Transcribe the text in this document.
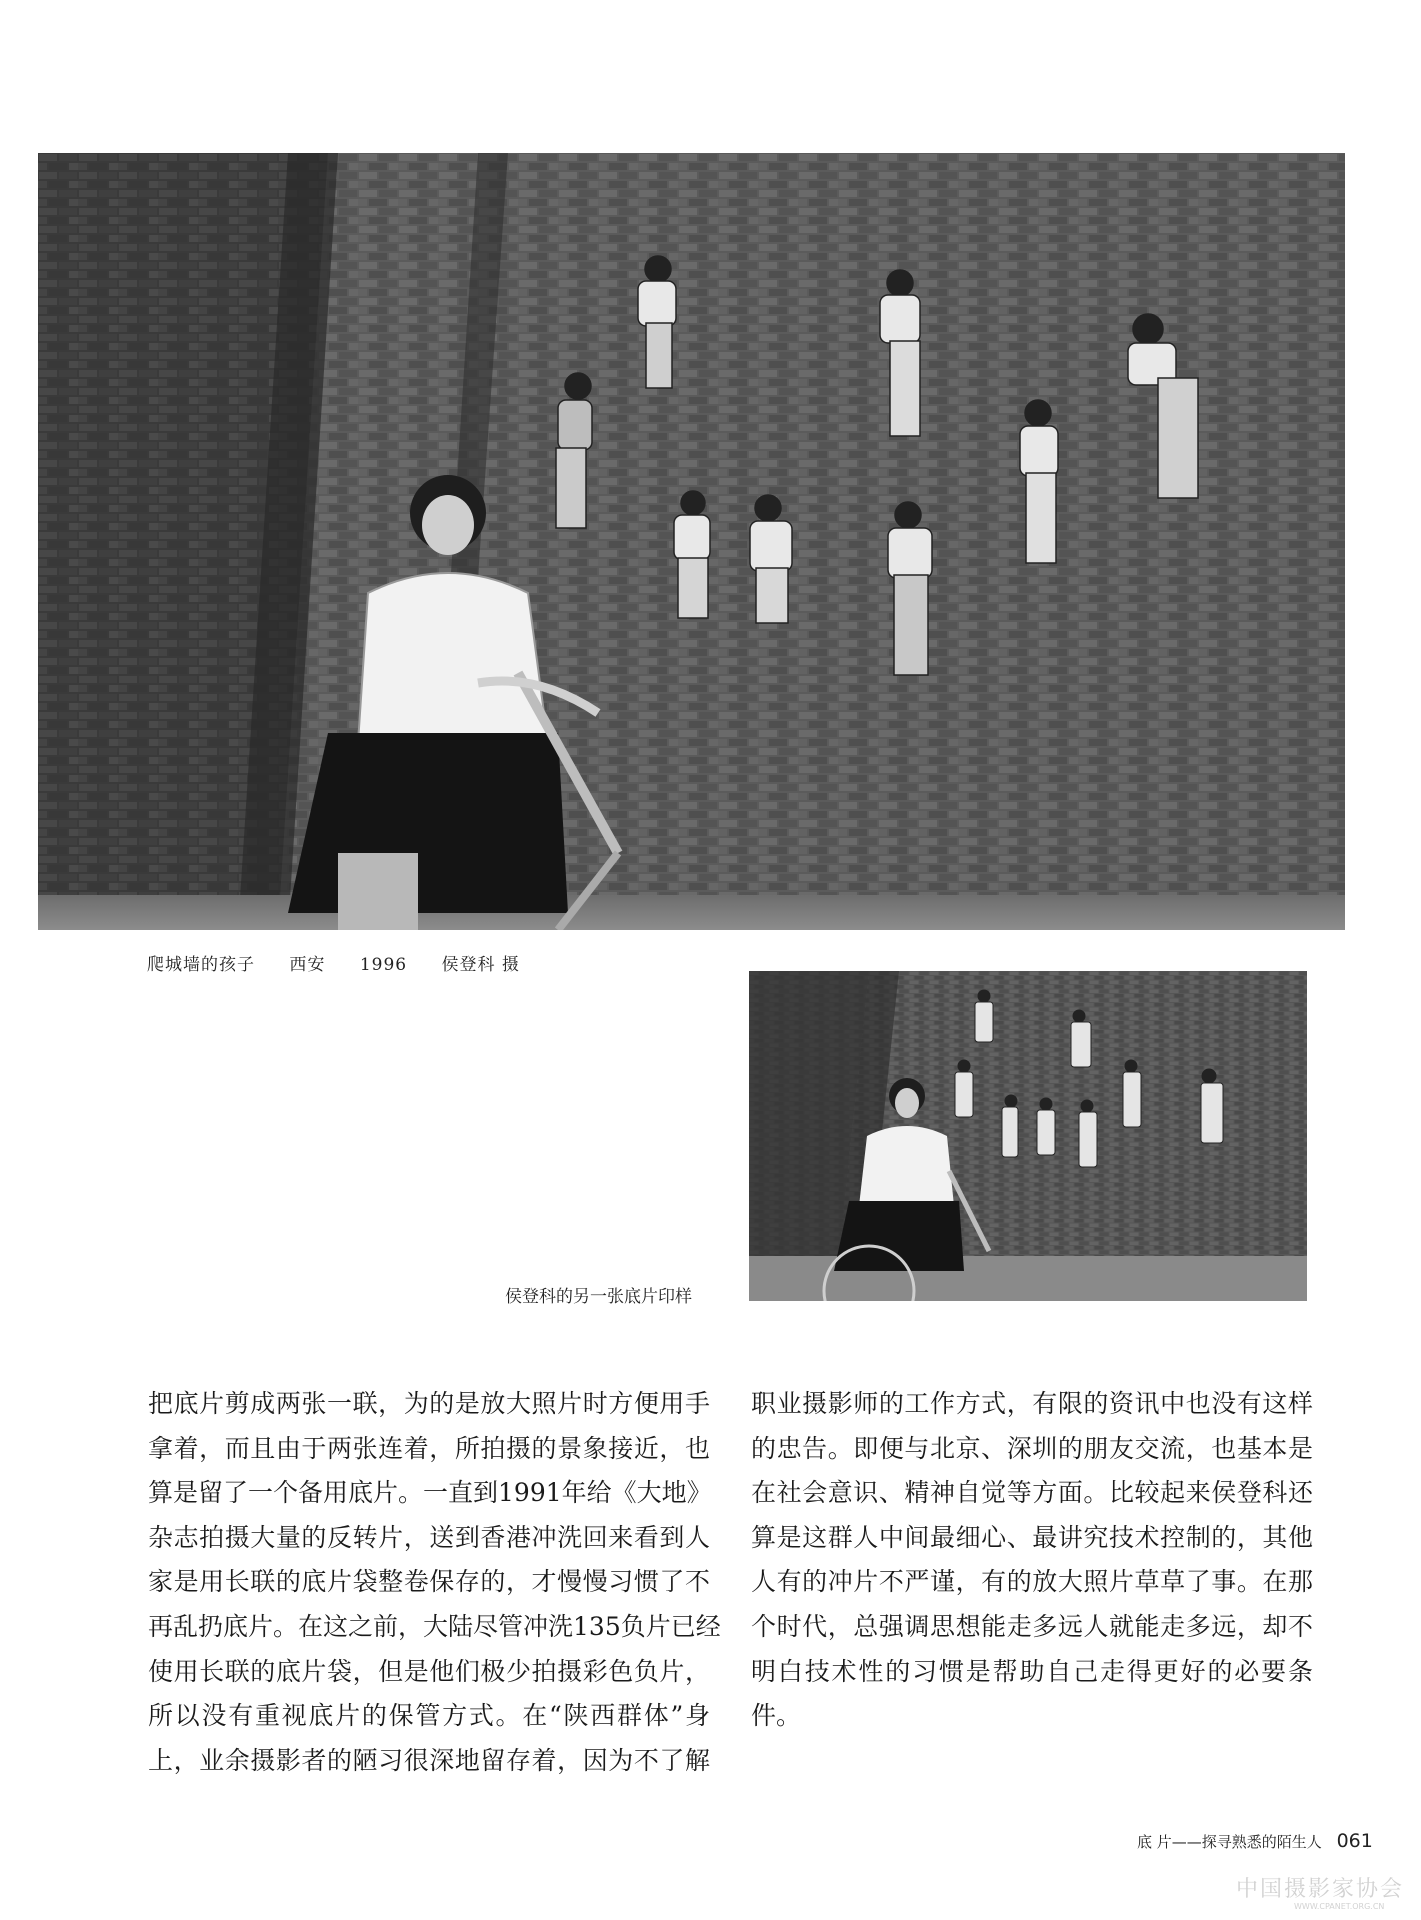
爬城墙的孩子 西安 1996 侯登科 摄
侯登科的另一张底片印样
把底片剪成两张一联，为的是放大照片时方便用手
拿着，而且由于两张连着，所拍摄的景象接近，也
算是留了一个备用底片。一直到1991年给《大地》
杂志拍摄大量的反转片，送到香港冲洗回来看到人
家是用长联的底片袋整卷保存的，才慢慢习惯了不
再乱扔底片。在这之前，大陆尽管冲洗135负片已经
使用长联的底片袋，但是他们极少拍摄彩色负片，
所以没有重视底片的保管方式。在“陕西群体”身
上，业余摄影者的陋习很深地留存着，因为不了解
职业摄影师的工作方式，有限的资讯中也没有这样
的忠告。即便与北京、深圳的朋友交流，也基本是
在社会意识、精神自觉等方面。比较起来侯登科还
算是这群人中间最细心、最讲究技术控制的，其他
人有的冲片不严谨，有的放大照片草草了事。在那
个时代，总强调思想能走多远人就能走多远，却不
明白技术性的习惯是帮助自己走得更好的必要条
件。
底 片——探寻熟悉的陌生人 061
中国摄影家协会
WWW.CPANET.ORG.CN
